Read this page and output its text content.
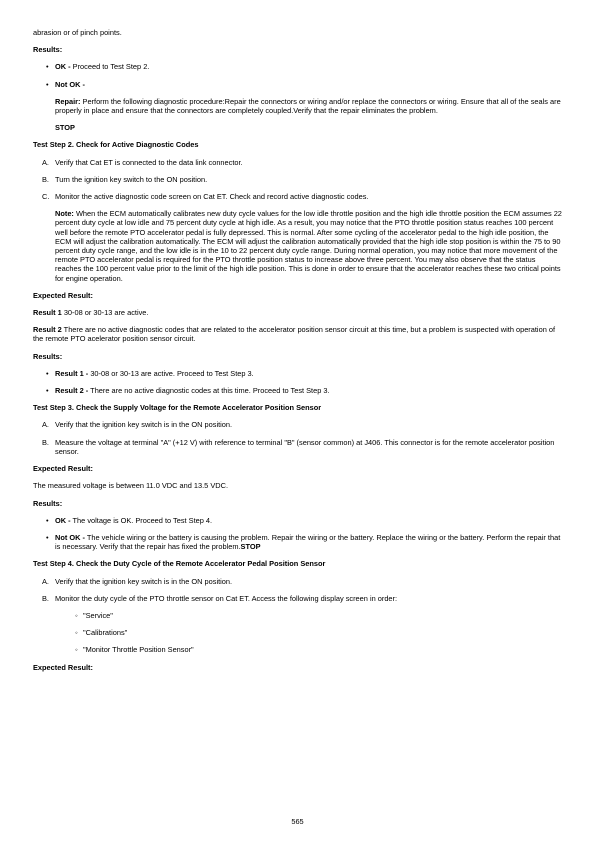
abrasion or of pinch points.

Results:

• OK - Proceed to Test Step 2.
• Not OK -
Repair: Perform the following diagnostic procedure:Repair the connectors or wiring and/or replace the connectors or wiring. Ensure that all of the seals are properly in place and ensure that the connectors are completely coupled.Verify that the repair eliminates the problem.
STOP

Test Step 2. Check for Active Diagnostic Codes

A. Verify that Cat ET is connected to the data link connector.
B. Turn the ignition key switch to the ON position.
C. Monitor the active diagnostic code screen on Cat ET. Check and record active diagnostic codes.
Note: When the ECM automatically calibrates new duty cycle values for the low idle throttle position and the high idle throttle position the ECM assumes 22 percent duty cycle at low idle and 75 percent duty cycle at high idle. As a result, you may notice that the PTO throttle position status reaches 100 percent well before the remote PTO accelerator pedal is fully depressed. This is normal. After some cycling of the accelerator pedal to the high idle position, the ECM will adjust the calibration automatically. The ECM will adjust the calibration automatically provided that the high idle stop position is within the 75 to 90 percent duty cycle range, and the low idle is in the 10 to 22 percent duty cycle range. During normal operation, you may notice that more movement of the remote PTO accelerator pedal is required for the PTO throttle position status to increase above three percent. You may also observe that the status reaches the 100 percent value prior to the limit of the high idle position. This is done in order to ensure that the accelerator reaches these two critical points for engine operation.

Expected Result:

Result 1 30-08 or 30-13 are active.

Result 2 There are no active diagnostic codes that are related to the accelerator position sensor circuit at this time, but a problem is suspected with operation of the remote PTO acelerator position sensor circuit.

Results:

• Result 1 - 30-08 or 30-13 are active. Proceed to Test Step 3.
• Result 2 - There are no active diagnostic codes at this time. Proceed to Test Step 3.

Test Step 3. Check the Supply Voltage for the Remote Accelerator Position Sensor

A. Verify that the ignition key switch is in the ON position.
B. Measure the voltage at terminal "A" (+12 V) with reference to terminal "B" (sensor common) at J406. This connector is for the remote accelerator position sensor.

Expected Result:

The measured voltage is between 11.0 VDC and 13.5 VDC.

Results:

• OK - The voltage is OK. Proceed to Test Step 4.
• Not OK - The vehicle wiring or the battery is causing the problem. Repair the wiring or the battery. Replace the wiring or the battery. Perform the repair that is necessary. Verify that the repair has fixed the problem.STOP

Test Step 4. Check the Duty Cycle of the Remote Accelerator Pedal Position Sensor

A. Verify that the ignition key switch is in the ON position.
B. Monitor the duty cycle of the PTO throttle sensor on Cat ET. Access the following display screen in order:
◦ "Service"
◦ "Calibrations"
◦ "Monitor Throttle Position Sensor"

Expected Result:

565
